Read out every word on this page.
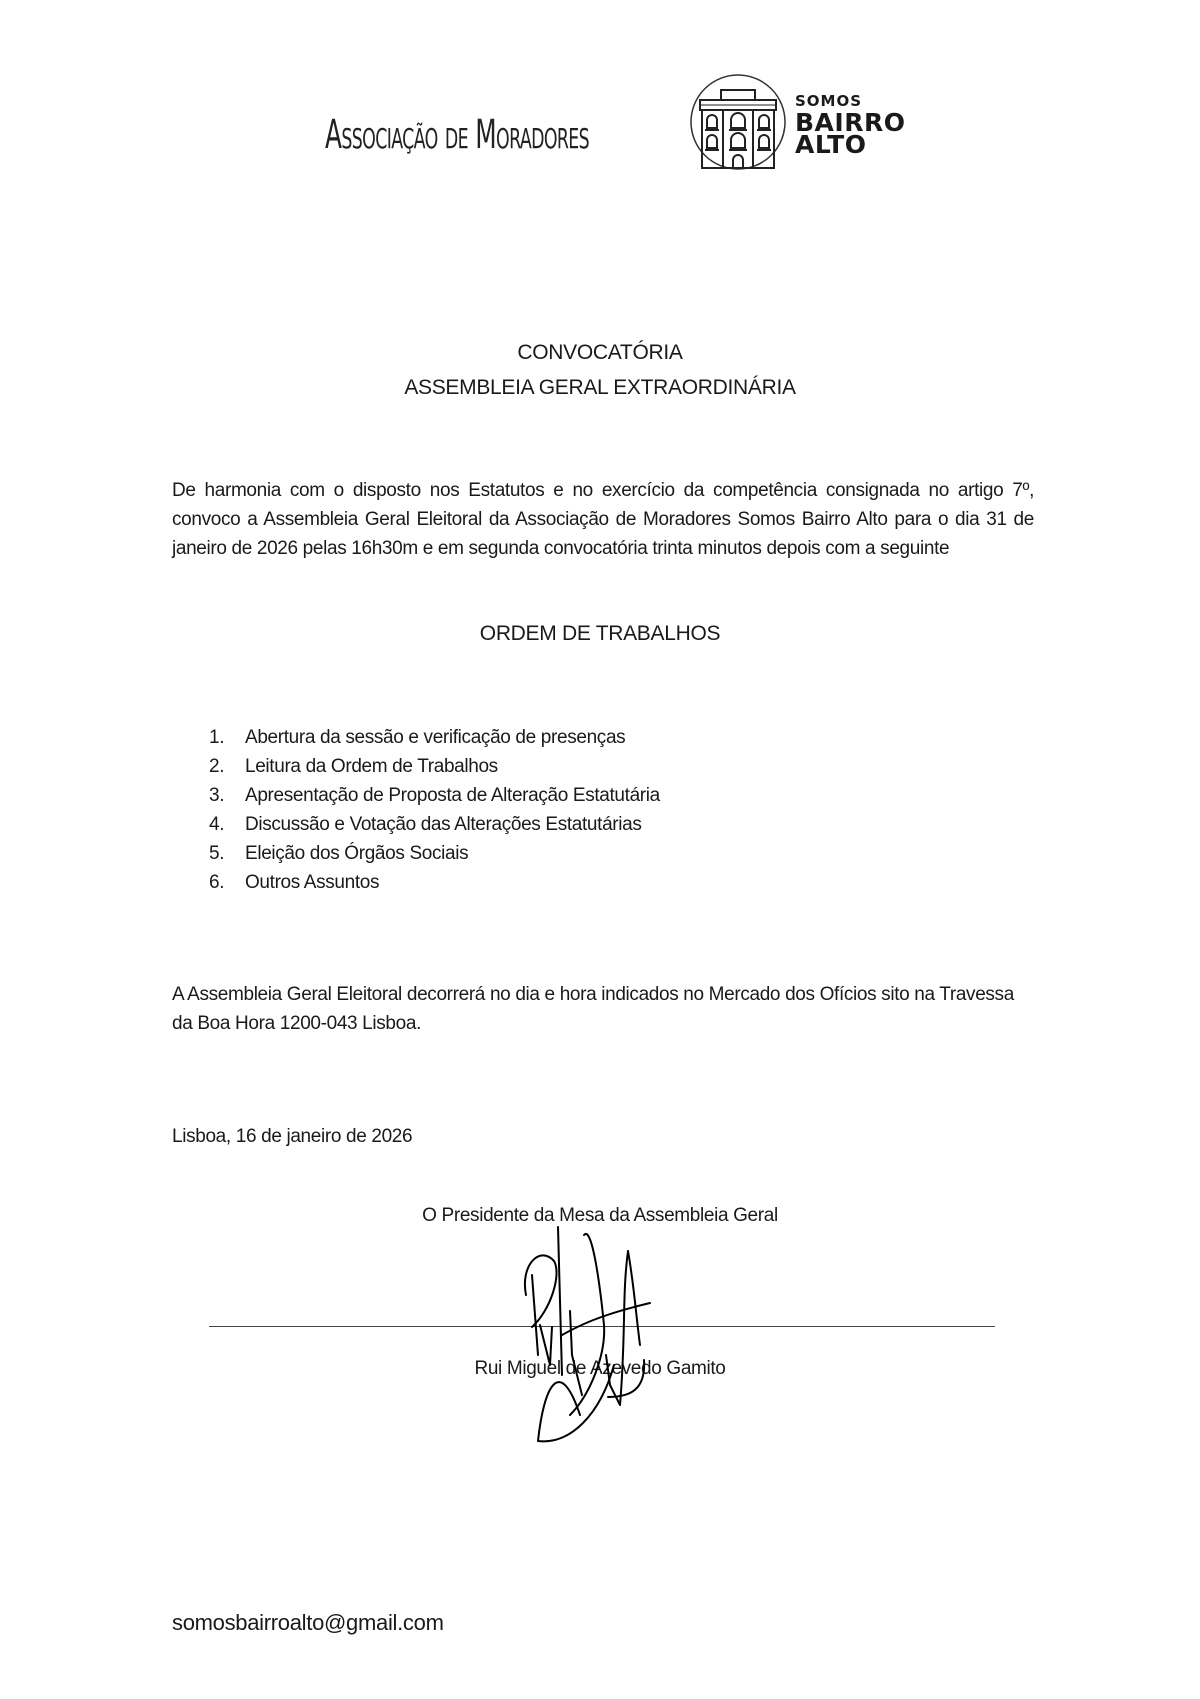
Associação de Moradores
SOMOS
BAIRRO
ALTO
CONVOCATÓRIA
ASSEMBLEIA GERAL EXTRAORDINÁRIA

De harmonia com o disposto nos Estatutos e no exercício da competência consignada no artigo 7º, convoco a Assembleia Geral Eleitoral da Associação de Moradores Somos Bairro Alto para o dia 31 de janeiro de 2026 pelas 16h30m e em segunda convocatória trinta minutos depois com a seguinte

ORDEM DE TRABALHOS
1.	Abertura da sessão e verificação de presenças
2.	Leitura da Ordem de Trabalhos
3.	Apresentação de Proposta de Alteração Estatutária
4.	Discussão e Votação das Alterações Estatutárias
5.	Eleição dos Órgãos Sociais
6.	Outros Assuntos

A Assembleia Geral Eleitoral decorrerá no dia e hora indicados no Mercado dos Ofícios sito na Travessa da Boa Hora 1200-043 Lisboa.

Lisboa, 16 de janeiro de 2026
O Presidente da Mesa da Assembleia Geral
Rui Miguel de Azevedo Gamito
somosbairroalto@gmail.com
